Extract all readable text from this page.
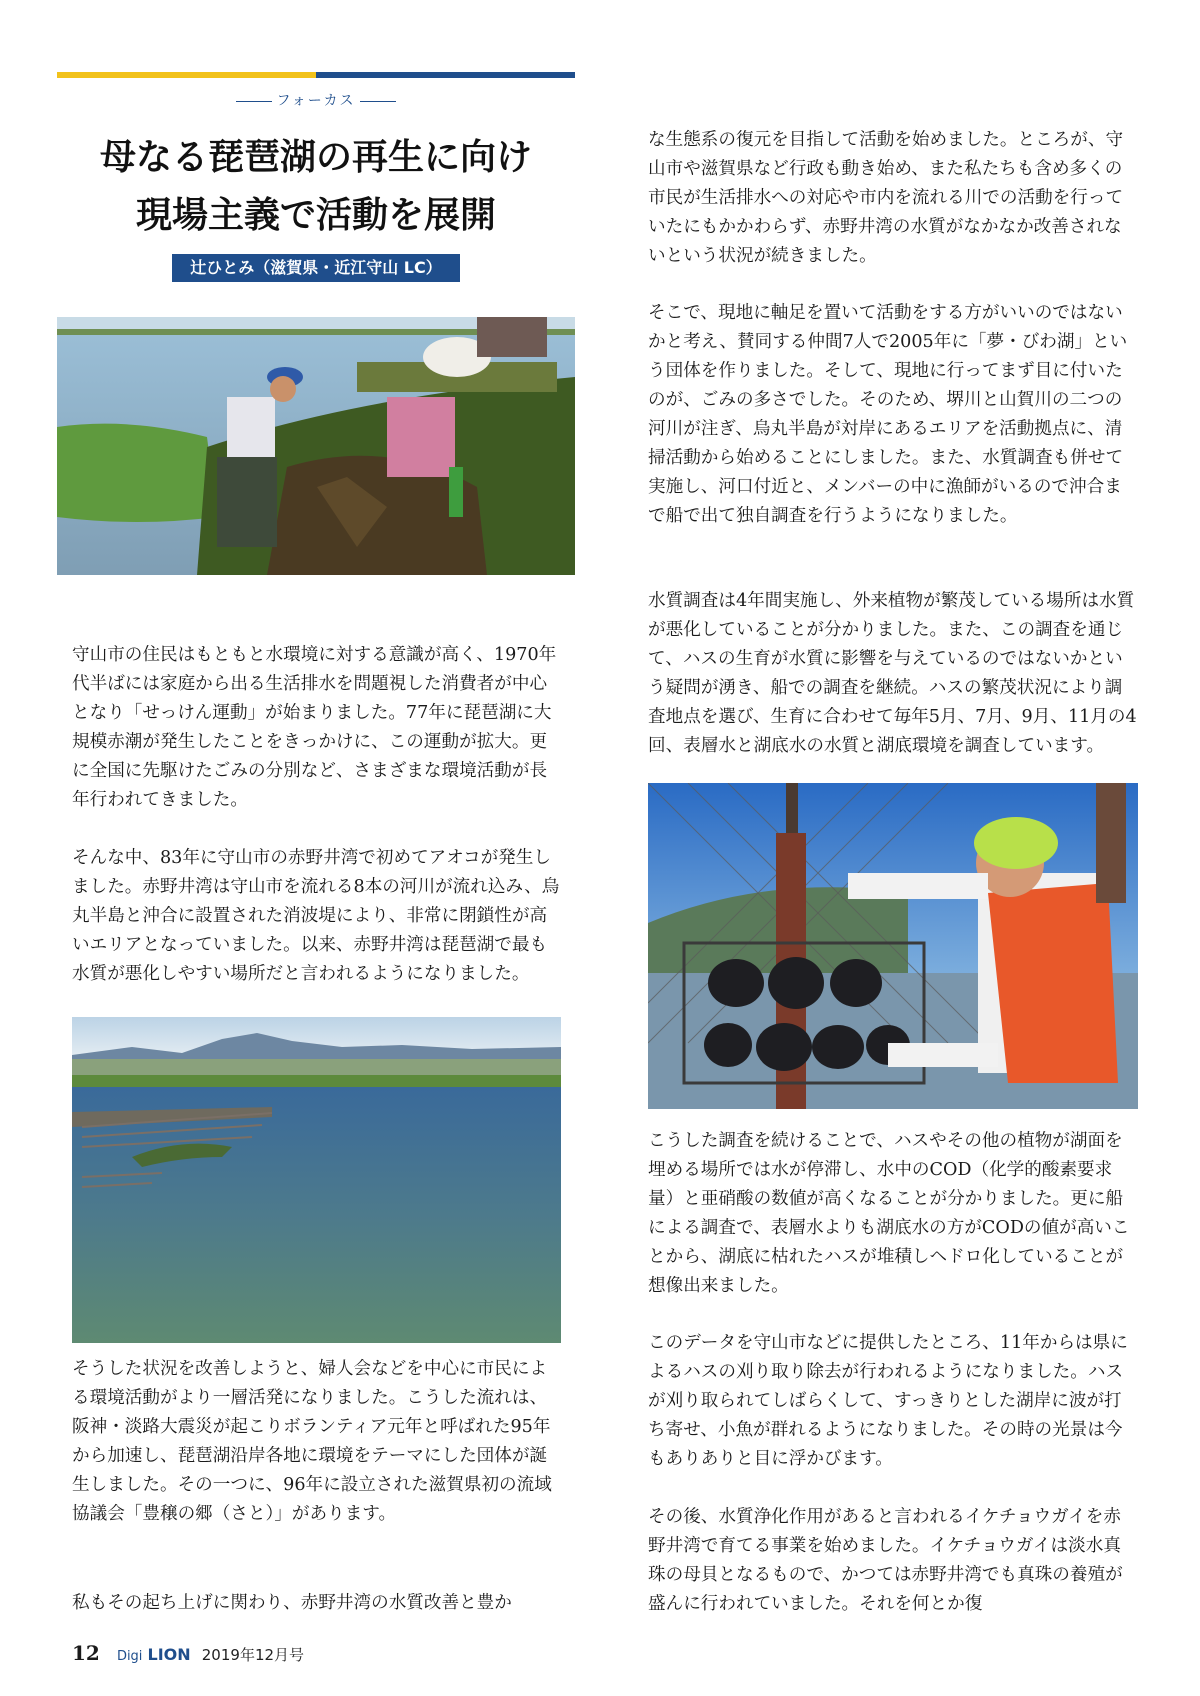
フォーカス
母なる琵琶湖の再生に向け
現場主義で活動を展開
辻ひとみ（滋賀県・近江守山 LC）
守山市の住民はもともと水環境に対する意識が高く、1970年代半ばには家庭から出る生活排水を問題視した消費者が中心となり「せっけん運動」が始まりました。77年に琵琶湖に大規模赤潮が発生したことをきっかけに、この運動が拡大。更に全国に先駆けたごみの分別など、さまざまな環境活動が長年行われてきました。
そんな中、83年に守山市の赤野井湾で初めてアオコが発生しました。赤野井湾は守山市を流れる8本の河川が流れ込み、烏丸半島と沖合に設置された消波堤により、非常に閉鎖性が高いエリアとなっていました。以来、赤野井湾は琵琶湖で最も水質が悪化しやすい場所だと言われるようになりました。
そうした状況を改善しようと、婦人会などを中心に市民による環境活動がより一層活発になりました。こうした流れは、阪神・淡路大震災が起こりボランティア元年と呼ばれた95年から加速し、琵琶湖沿岸各地に環境をテーマにした団体が誕生しました。その一つに、96年に設立された滋賀県初の流域協議会「豊穣の郷（さと）」があります。
私もその起ち上げに関わり、赤野井湾の水質改善と豊か
な生態系の復元を目指して活動を始めました。ところが、守山市や滋賀県など行政も動き始め、また私たちも含め多くの市民が生活排水への対応や市内を流れる川での活動を行っていたにもかかわらず、赤野井湾の水質がなかなか改善されないという状況が続きました。
そこで、現地に軸足を置いて活動をする方がいいのではないかと考え、賛同する仲間7人で2005年に「夢・びわ湖」という団体を作りました。そして、現地に行ってまず目に付いたのが、ごみの多さでした。そのため、堺川と山賀川の二つの河川が注ぎ、烏丸半島が対岸にあるエリアを活動拠点に、清掃活動から始めることにしました。また、水質調査も併せて実施し、河口付近と、メンバーの中に漁師がいるので沖合まで船で出て独自調査を行うようになりました。
水質調査は4年間実施し、外来植物が繁茂している場所は水質が悪化していることが分かりました。また、この調査を通じて、ハスの生育が水質に影響を与えているのではないかという疑問が湧き、船での調査を継続。ハスの繁茂状況により調査地点を選び、生育に合わせて毎年5月、7月、9月、11月の4回、表層水と湖底水の水質と湖底環境を調査しています。
こうした調査を続けることで、ハスやその他の植物が湖面を埋める場所では水が停滞し、水中のCOD（化学的酸素要求量）と亜硝酸の数値が高くなることが分かりました。更に船による調査で、表層水よりも湖底水の方がCODの値が高いことから、湖底に枯れたハスが堆積しヘドロ化していることが想像出来ました。
このデータを守山市などに提供したところ、11年からは県によるハスの刈り取り除去が行われるようになりました。ハスが刈り取られてしばらくして、すっきりとした湖岸に波が打ち寄せ、小魚が群れるようになりました。その時の光景は今もありありと目に浮かびます。
その後、水質浄化作用があると言われるイケチョウガイを赤野井湾で育てる事業を始めました。イケチョウガイは淡水真珠の母貝となるもので、かつては赤野井湾でも真珠の養殖が盛んに行われていました。それを何とか復
12 Digi LION 2019年12月号
